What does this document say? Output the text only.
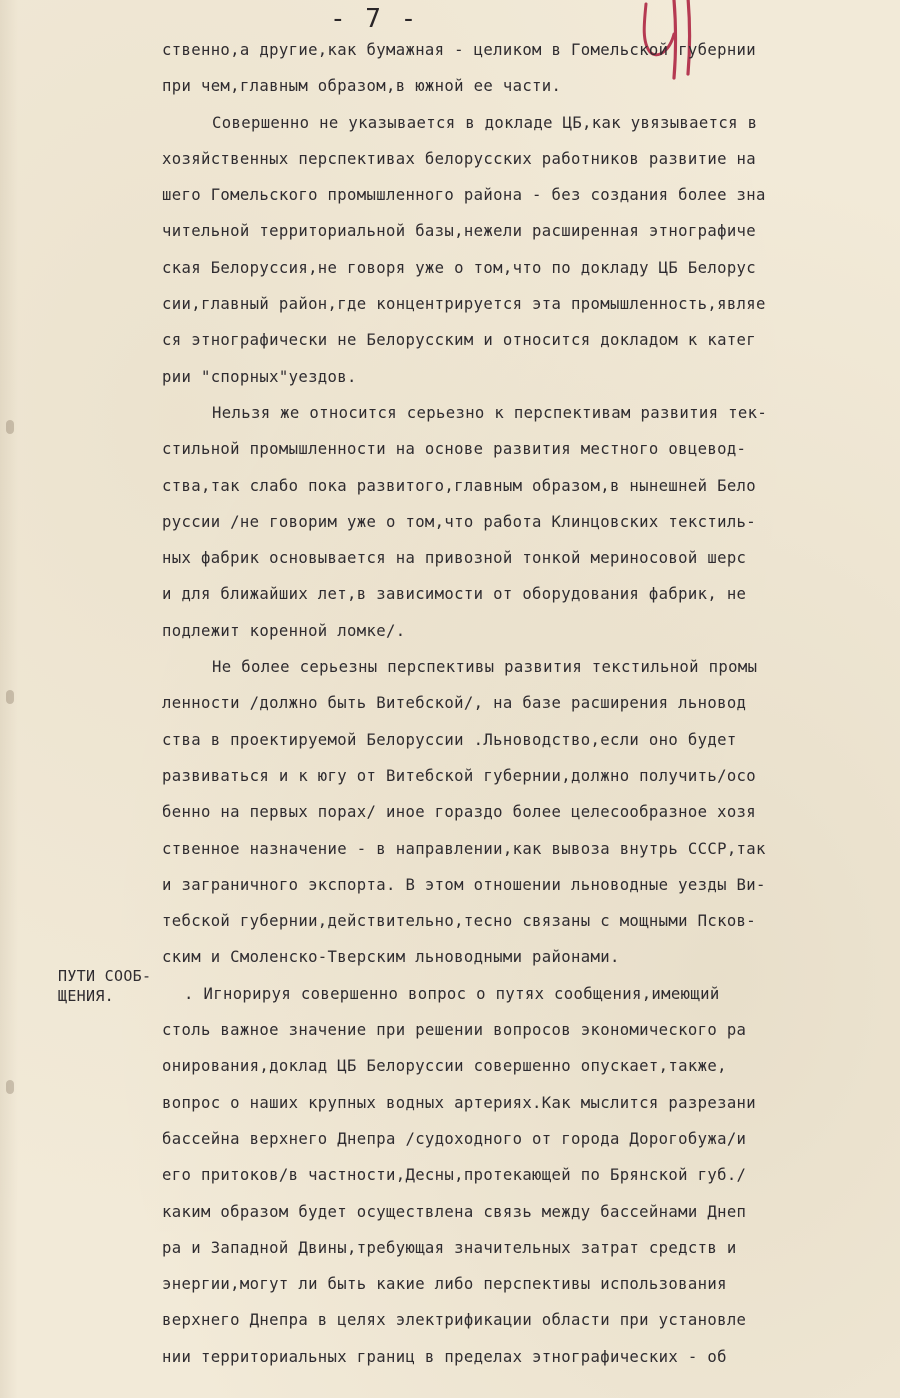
- 7 -
ственно,а другие,как бумажная - целиком в Гомельской губернии
при чем,главным образом,в южной ее части.
Совершенно не указывается в докладе ЦБ,как увязывается в
хозяйственных перспективах белорусских работников развитие на
шего Гомельского промышленного района - без создания более зна
чительной территориальной базы,нежели расширенная этнографиче
ская Белоруссия,не говоря уже о том,что по докладу ЦБ Белорус
сии,главный район,где концентрируется эта промышленность,являе
ся этнографически не Белорусским и относится докладом к катег
рии "спорных"уездов.
Нельзя же относится серьезно к перспективам развития тек-
стильной промышленности на основе развития местного овцевод-
ства,так слабо пока развитого,главным образом,в нынешней Бело
руссии /не говорим уже о том,что работа Клинцовских текстиль-
ных фабрик основывается на привозной тонкой мериносовой шерс
и для ближайших лет,в зависимости от оборудования фабрик, не
подлежит коренной ломке/.
Не более серьезны перспективы развития текстильной промы
ленности /должно быть Витебской/, на базе расширения льновод
ства в проектируемой Белоруссии .Льноводство,если оно будет
развиваться и к югу от Витебской губернии,должно получить/осо
бенно на первых порах/ иное гораздо более целесообразное хозя
ственное назначение - в направлении,как вывоза внутрь СССР,так
и заграничного экспорта. В этом отношении льноводные уезды Ви-
тебской губернии,действительно,тесно связаны с мощными Псков-
ским и Смоленско-Тверским льноводными районами.
. Игнорируя совершенно вопрос о путях сообщения,имеющий
столь важное значение при решении вопросов экономического ра
онирования,доклад ЦБ Белоруссии совершенно опускает,также,
вопрос о наших крупных водных артериях.Как мыслится разрезани
бассейна верхнего Днепра /судоходного от города Дорогобужа/и
его притоков/в частности,Десны,протекающей по Брянской губ./
каким образом будет осуществлена связь между бассейнами Днеп
ра и Западной Двины,требующая значительных затрат средств и
энергии,могут ли быть какие либо перспективы использования
верхнего Днепра в целях электрификации области при установле
нии территориальных границ в пределах этнографических - об
ПУТИ СООБ-
ЩЕНИЯ.
